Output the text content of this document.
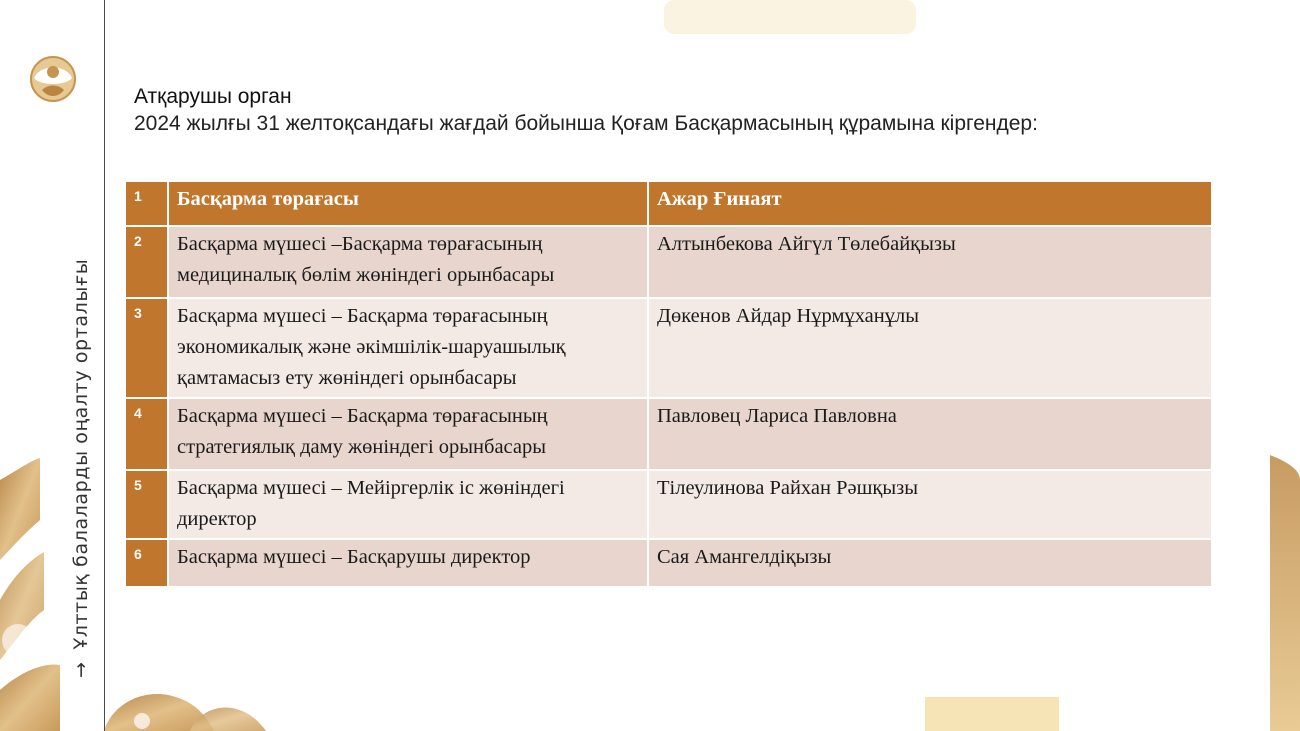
→Ұлттық балаларды оңалту орталығы
Атқарушы орган
2024 жылғы 31 желтоқсандағы жағдай бойынша Қоғам Басқармасының құрамына кіргендер:
1	Басқарма төрағасы	Ажар Ғинаят
2	Басқарма мүшесі –Басқарма төрағасының медициналық бөлім жөніндегі орынбасары	Алтынбекова Айгүл Төлебайқызы
3	Басқарма мүшесі – Басқарма төрағасының экономикалық және әкімшілік-шаруашылық қамтамасыз ету жөніндегі орынбасары	Дөкенов Айдар Нұрмұханұлы
4	Басқарма мүшесі – Басқарма төрағасының стратегиялық даму жөніндегі орынбасары	Павловец Лариса Павловна
5	Басқарма мүшесі – Мейіргерлік іс жөніндегі директор	Тілеулинова Райхан Рәшқызы
6	Басқарма мүшесі – Басқарушы директор	Сая Амангелдіқызы
